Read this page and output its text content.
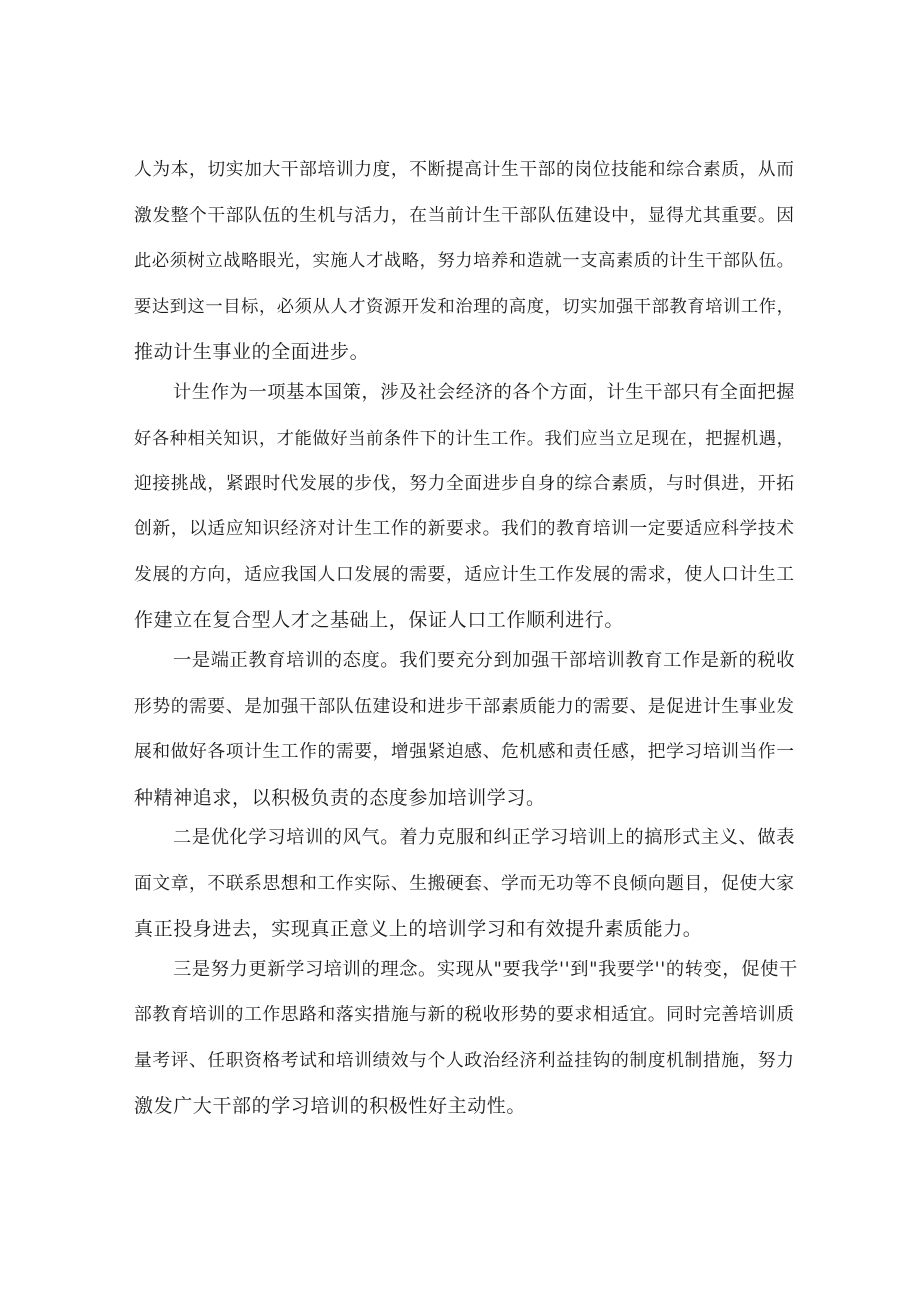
人为本，切实加大干部培训力度，不断提高计生干部的岗位技能和综合素质，从而
激发整个干部队伍的生机与活力，在当前计生干部队伍建设中，显得尤其重要。因
此必须树立战略眼光，实施人才战略，努力培养和造就一支高素质的计生干部队伍。
要达到这一目标，必须从人才资源开发和治理的高度，切实加强干部教育培训工作，
推动计生事业的全面进步。
计生作为一项基本国策，涉及社会经济的各个方面，计生干部只有全面把握
好各种相关知识，才能做好当前条件下的计生工作。我们应当立足现在，把握机遇，
迎接挑战，紧跟时代发展的步伐，努力全面进步自身的综合素质，与时俱进，开拓
创新，以适应知识经济对计生工作的新要求。我们的教育培训一定要适应科学技术
发展的方向，适应我国人口发展的需要，适应计生工作发展的需求，使人口计生工
作建立在复合型人才之基础上，保证人口工作顺利进行。
一是端正教育培训的态度。我们要充分到加强干部培训教育工作是新的税收
形势的需要、是加强干部队伍建设和进步干部素质能力的需要、是促进计生事业发
展和做好各项计生工作的需要，增强紧迫感、危机感和责任感，把学习培训当作一
种精神追求，以积极负责的态度参加培训学习。
二是优化学习培训的风气。着力克服和纠正学习培训上的搞形式主义、做表
面文章，不联系思想和工作实际、生搬硬套、学而无功等不良倾向题目，促使大家
真正投身进去，实现真正意义上的培训学习和有效提升素质能力。
三是努力更新学习培训的理念。实现从"要我学''到"我要学''的转变，促使干
部教育培训的工作思路和落实措施与新的税收形势的要求相适宜。同时完善培训质
量考评、任职资格考试和培训绩效与个人政治经济利益挂钩的制度机制措施，努力
激发广大干部的学习培训的积极性好主动性。
